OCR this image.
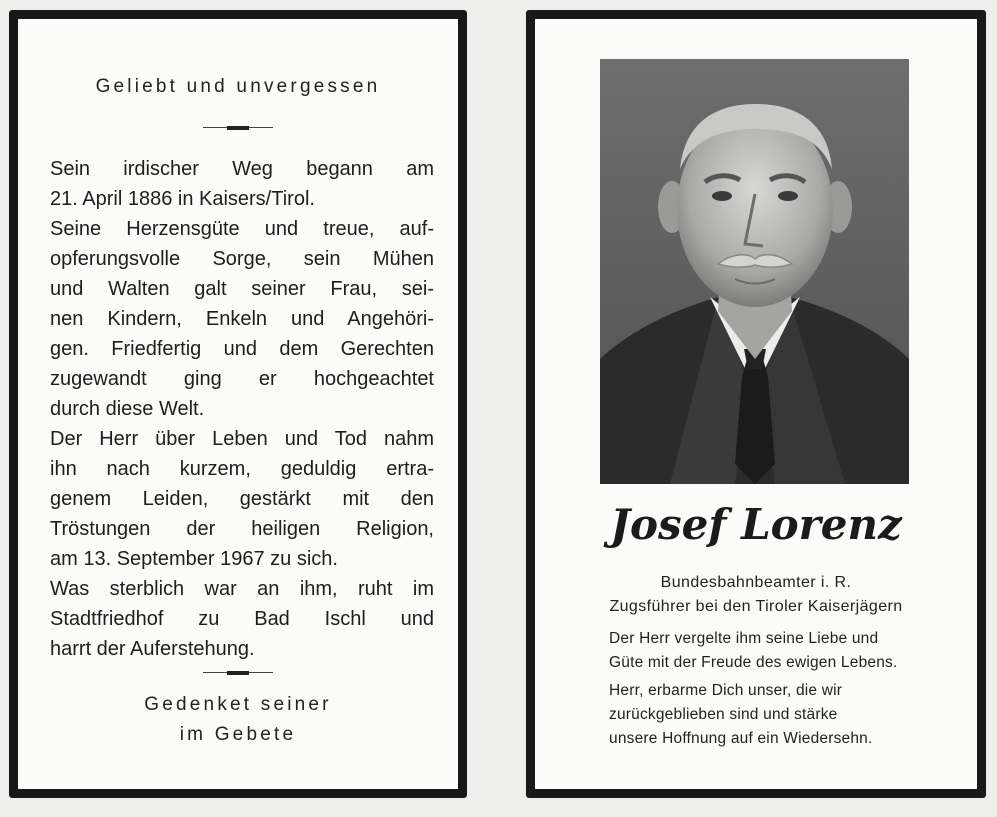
Geliebt und unvergessen
Sein irdischer Weg begann am
21. April 1886 in Kaisers/Tirol.
Seine Herzensgüte und treue, auf-
opferungsvolle Sorge, sein Mühen
und Walten galt seiner Frau, sei-
nen Kindern, Enkeln und Angehöri-
gen. Friedfertig und dem Gerechten
zugewandt ging er hochgeachtet
durch diese Welt.
Der Herr über Leben und Tod nahm
ihn nach kurzem, geduldig ertra-
genem Leiden, gestärkt mit den
Tröstungen der heiligen Religion,
am 13. September 1967 zu sich.
Was sterblich war an ihm, ruht im
Stadtfriedhof zu Bad Ischl und
harrt der Auferstehung.
Gedenket seiner
im Gebete
Josef Lorenz
Bundesbahnbeamter i. R.
Zugsführer bei den Tiroler Kaiserjägern
Der Herr vergelte ihm seine Liebe und
Güte mit der Freude des ewigen Lebens.
Herr, erbarme Dich unser, die wir
zurückgeblieben sind und stärke
unsere Hoffnung auf ein Wiedersehn.
